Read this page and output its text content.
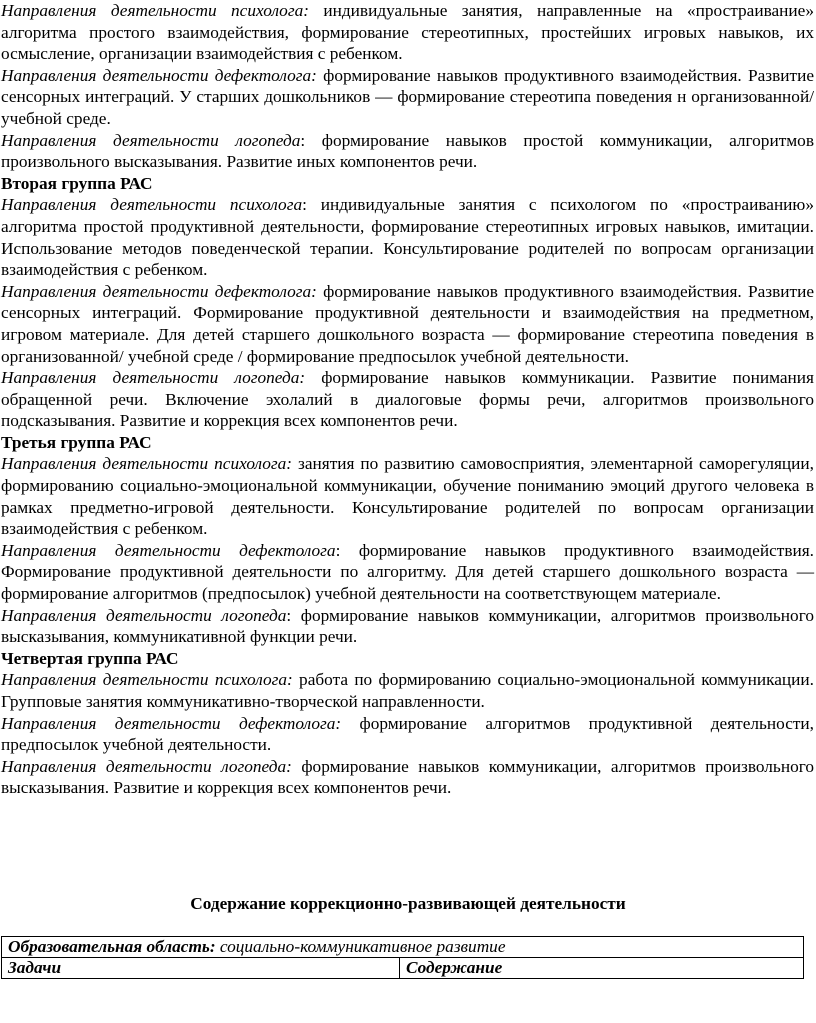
Направления деятельности психолога: индивидуальные занятия, направленные на «простраивание» алгоритма простого взаимодействия, формирование стереотипных, простейших игровых навыков, их осмысление, организации взаимодействия с ребенком.

Направления деятельности дефектолога: формирование навыков продуктивного взаимодействия. Развитие сенсорных интеграций. У старших дошкольников — формирование стереотипа поведения н организованной/учебной среде.

Направления деятельности логопеда: формирование навыков простой коммуникации, алгоритмов произвольного высказывания. Развитие иных компонентов речи.

Вторая группа РАС

Направления деятельности психолога: индивидуальные занятия с психологом по «простраиванию» алгоритма простой продуктивной деятельности, формирование стереотипных игровых навыков, имитации. Использование методов поведенческой терапии. Консультирование родителей по вопросам организации взаимодействия с ребенком.

Направления деятельности дефектолога: формирование навыков продуктивного взаимодействия. Развитие сенсорных интеграций. Формирование продуктивной деятельности и взаимодействия на предметном, игровом материале. Для детей старшего дошкольного возраста — формирование стереотипа поведения в организованной/ учебной среде / формирование предпосылок учебной деятельности.

Направления деятельности логопеда: формирование навыков коммуникации. Развитие понимания обращенной речи. Включение эхолалий в диалоговые формы речи, алгоритмов произвольного подсказывания. Развитие и коррекция всех компонентов речи.

Третья группа РАС

Направления деятельности психолога: занятия по развитию самовосприятия, элементарной саморегуляции, формированию социально-эмоциональной коммуникации, обучение пониманию эмоций другого человека в рамках предметно-игровой деятельности. Консультирование родителей по вопросам организации взаимодействия с ребенком.

Направления деятельности дефектолога: формирование навыков продуктивного взаимодействия. Формирование продуктивной деятельности по алгоритму. Для детей старшего дошкольного возраста — формирование алгоритмов (предпосылок) учебной деятельности на соответствующем материале.

Направления деятельности логопеда: формирование навыков коммуникации, алгоритмов произвольного высказывания, коммуникативной функции речи.

Четвертая группа РАС

Направления деятельности психолога: работа по формированию социально-эмоциональной коммуникации. Групповые занятия коммуникативно-творческой направленности.

Направления деятельности дефектолога: формирование алгоритмов продуктивной деятельности, предпосылок учебной деятельности.

Направления деятельности логопеда: формирование навыков коммуникации, алгоритмов произвольного высказывания. Развитие и коррекция всех компонентов речи.

Содержание коррекционно-развивающей деятельности
Образовательная область: социально-коммуникативное развитие
Задачи	Содержание
